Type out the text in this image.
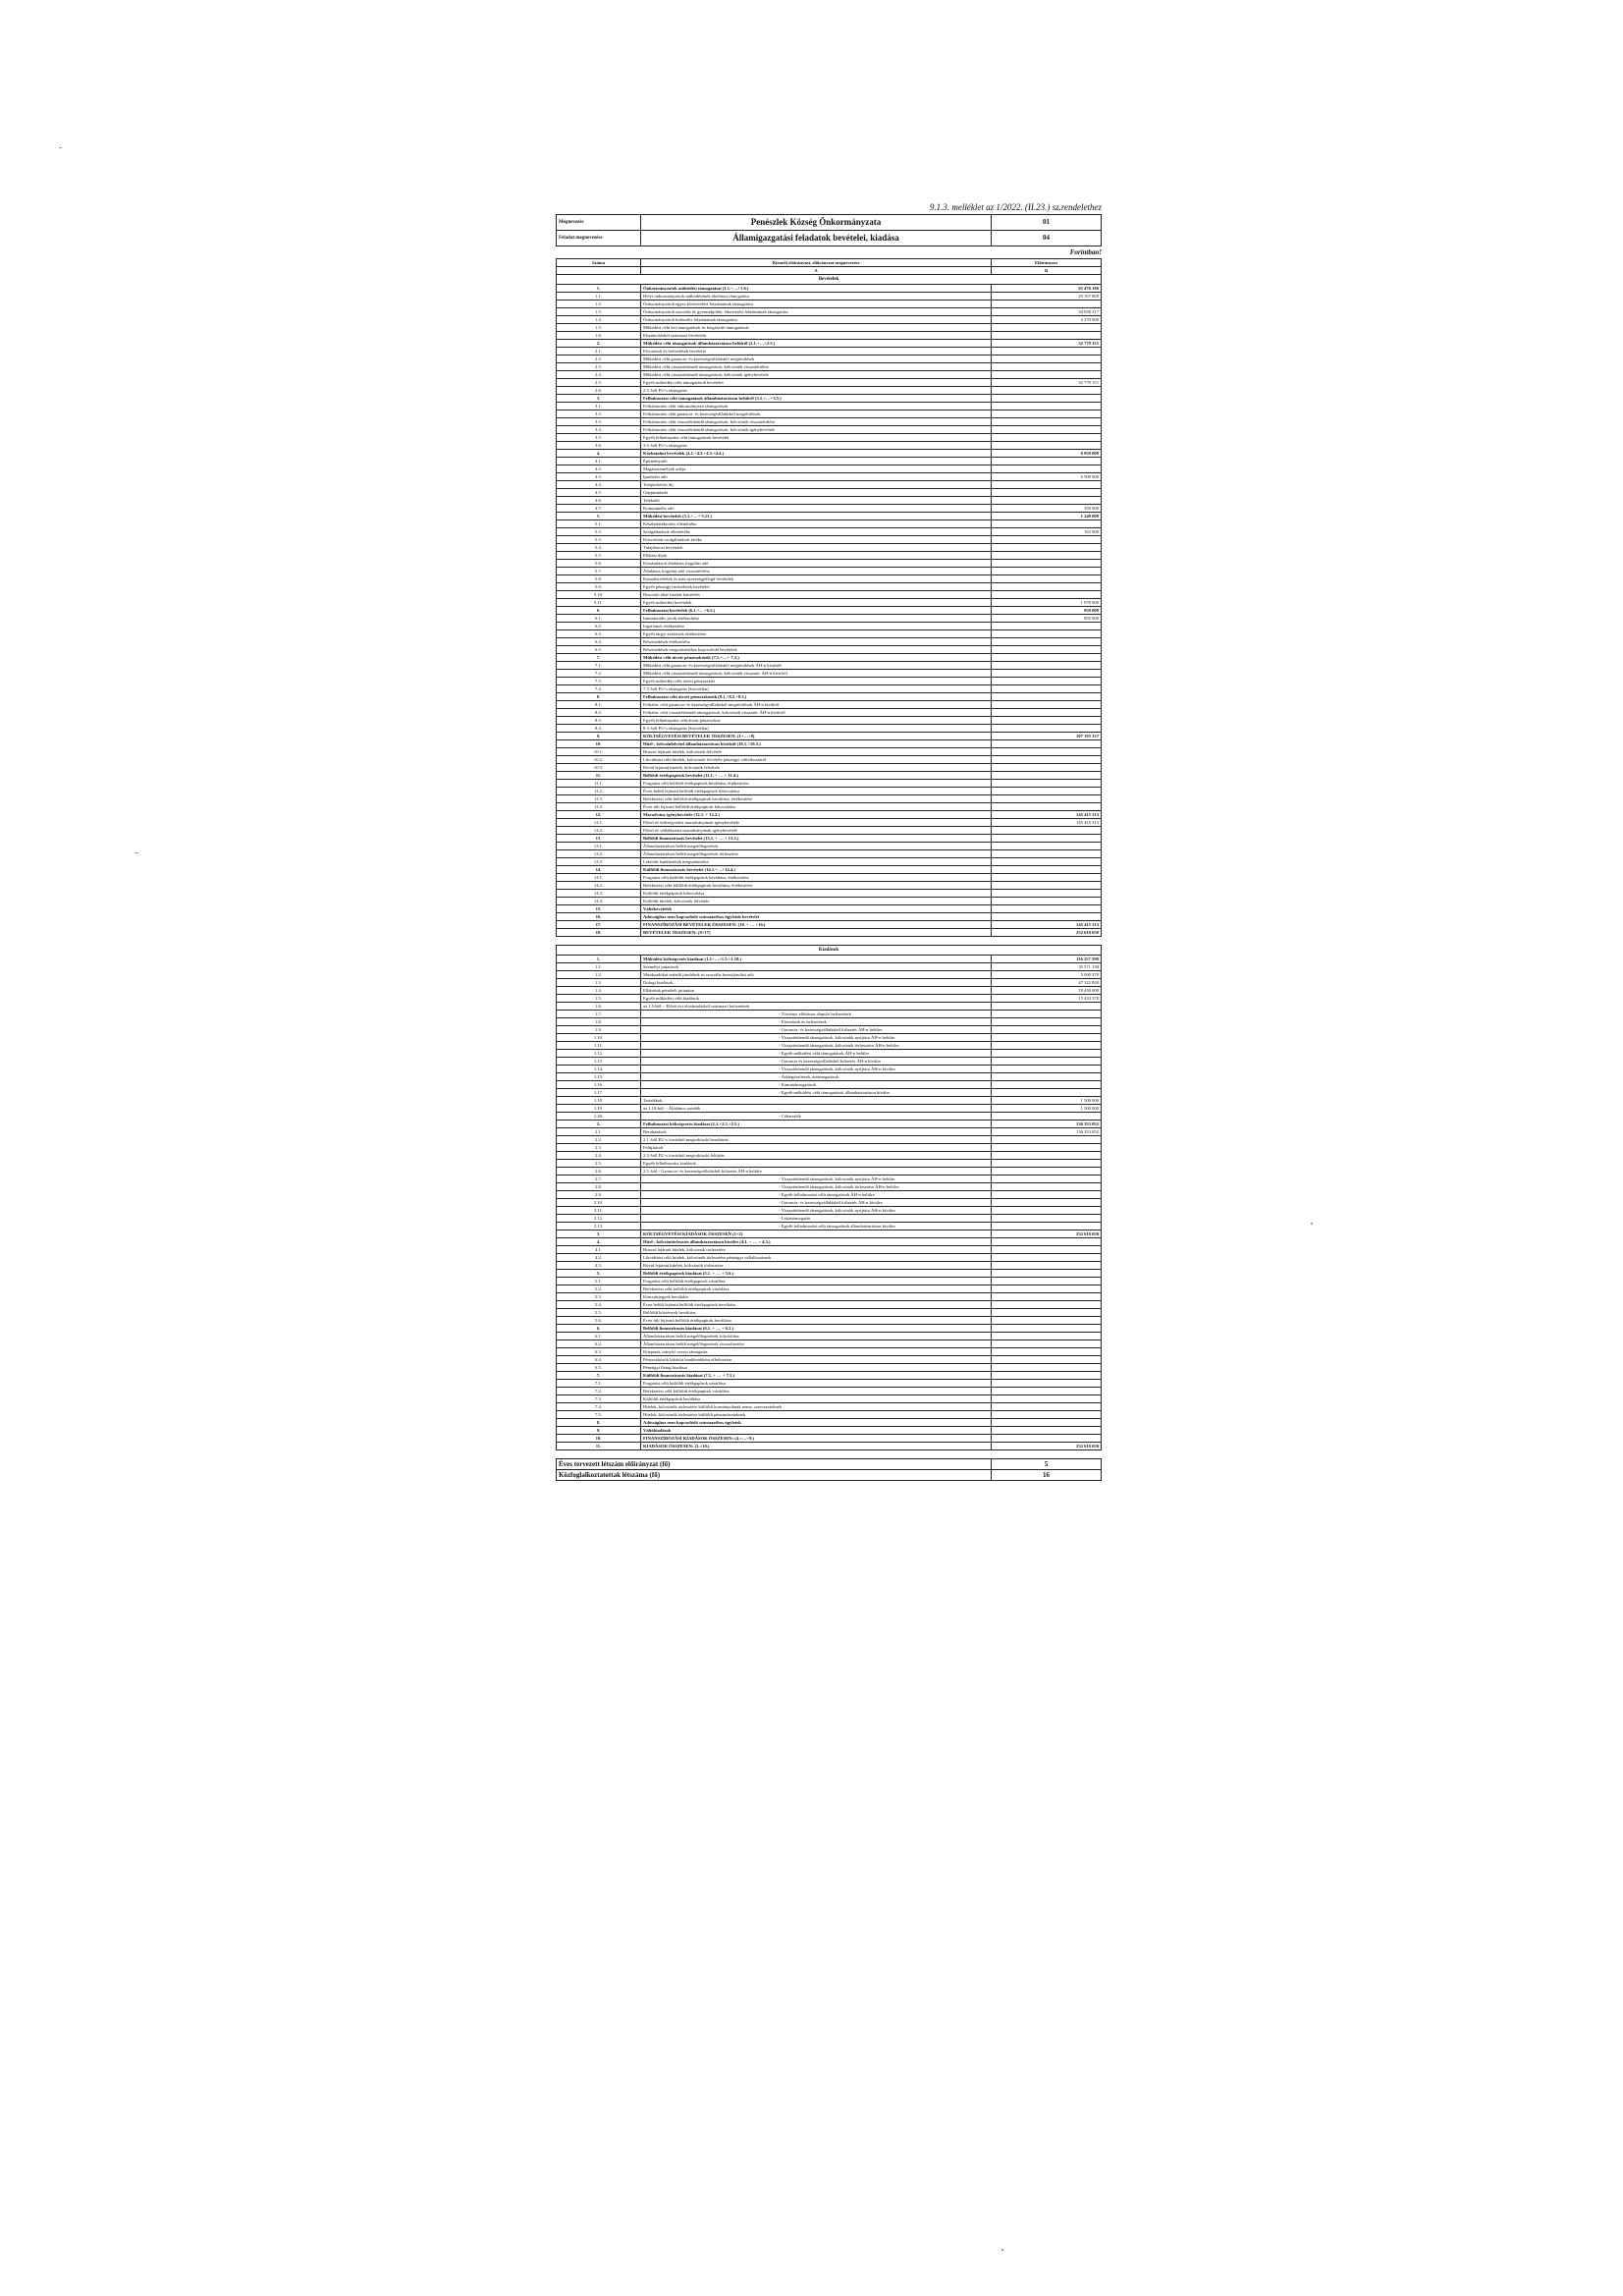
9.1.3. melléklet az 1/2022. (II.23.) sz.rendelethez
Megnevezés	Penészlek Község Önkormányzata	01
Feladat megnevezése	Államigazgatási feladatok bevételei, kiadása	04
Forintban!
Száma	Kiemelt előirányzat, előirányzat megnevezése	Előirányzat
	A	B
Bevételek		
1.	Önkormányzatok működési támogatásai (1.1.+…+1.6.)	65 476 186
1.1.	Helyi önkormányzatok működésének általános támogatása	29 167 869
1.2.	Önkormányzatok egyes köznevelési feladatainak támogatása	
1.3.	Önkormányzatok szociális és gyermekjóléti, étkeztetési feladatainak támogatása	34 038 317
1.4.	Önkormányzatok kulturális feladatainak támogatása	2 270 000
1.5.	Működési célú kvi támogatások és kiegészítő támogatások	
1.6.	Elszámolásból származó bevételek	
2.	Működési célú támogatások államháztartáson belülről (2.1.+…+2.5.)	32 779 151
2.1.	Elvonások és befizetések bevételei	
2.2.	Működési célú garancia- és kezességvállalásból megtérülések	
2.3.	Működési célú visszatérítendő támogatások, kölcsönök visszatérülése	
2.4.	Működési célú visszatérítendő támogatások, kölcsönök igénybevétele	
2.5.	Egyéb működési célú támogatások bevételei	32 779 151
2.6.	2.5.-ből EU-s támogatás	
3.	Felhalmozási célú támogatások államháztartáson belülről (3.1.+…+3.5.)	
3.1.	Felhalmozási célú önkormányzati támogatások	
3.2.	Felhalmozási célú garancia- és kezességvállalásból megtérülések	
3.3.	Felhalmozási célú visszatérítendő támogatások, kölcsönök visszatérülése	
3.4.	Felhalmozási célú visszatérítendő támogatások, kölcsönök igénybevétele	
3.5.	Egyéb felhalmozási célú támogatások bevételei	
3.6.	3.5.-ből EU-s támogatás	
4.	Közhatalmi bevételek (4.1.+4.2.+4.3.+4.4.)	6 850 000
4.1.	Építményadó	
4.2.	Magánszemélyek adója	
4.3.	Iparűzési adó	6 500 000
4.4.	Talajterhelési díj	
4.5.	Gépjárműadó	
4.6.	Telekadó	
4.7.	Kommunális adó	350 000
5.	Működési bevételek (5.1.+…+ 5.11.)	1 240 000
5.1.	Készletértékesítés ellenértéke	
5.2.	Szolgáltatások ellenértéke	162 000
5.3.	Közvetített szolgáltatások értéke	
5.4.	Tulajdonosi bevételek	
5.5.	Ellátási díjak	
5.6.	Kiszámlázott általános forgalmi adó	
5.7.	Általános forgalmi adó visszatérítése	
5.8.	Kamatbevételek és más nyereségjellegű bevételek	
5.9.	Egyéb pénzügyi műveletek bevételei	
5.10.	Biztosító által fizetett kártérítés	
5.11.	Egyéb működési bevételek	1 078 000
6.	Felhalmozási bevételek (6.1.+…+6.5.)	850 000
6.1.	Immateriális javak értékesítése	850 000
6.2.	Ingatlanok értékesítése	
6.3.	Egyéb tárgyi eszközök értékesítése	
6.4.	Részesedések értékesítése	
6.5.	Részesedések megszűnéséhez kapcsolódó bevételek	
7.	Működési célú átvett pénzeszközök (7.1.+…+ 7.3.)	
7.1.	Működési célú garancia- és kezességvállalásból megtérülések ÁH-n kívülről	
7.2.	Működési célú visszatérítendő támogatások, kölcsönök visszatér. ÁH-n kívülről	
7.3.	Egyéb működési célú átvett pénzeszköz	
7.4.	7.3.-ből EU-s támogatás (közvetlen)	
8.	Felhalmozási célú átvett pénzeszközök (8.1.+8.2.+8.3.)	
8.1.	Felhalm. célú garancia- és kezességvállalásból megtérülések ÁH-n kívülről	
8.2.	Felhalm. célú visszatérítendő támogatások, kölcsönök visszatér. ÁH-n kívülről	
8.3.	Egyéb felhalmozási célú átvett pénzeszköz	
8.4.	8.3.-ből EU-s támogatás (közvetlen)	
9.	KÖLTSÉGVETÉSI BEVÉTELEK ÖSSZESEN: (1+…+8)	107 195 337
10.	Hitel-, kölcsönfelvétel államháztartáson kívülről (10.1.+10.3.)	
10.1.	Hosszú lejáratú hitelek, kölcsönök felvétele	
10.2.	Likviditási célú hitelek, kölcsönök felvétele pénzügyi vállalkozástól	
10.3.	Rövid lejáratú hitelek, kölcsönök felvétele	
11.	Belföldi értékpapírok bevételei (11.1. + … + 11.4.)	
11.1.	Forgatási célú belföldi értékpapírok beváltása, értékesítése	
11.2.	Éven belüli lejáratú belföldi értékpapírok kibocsátása	
11.3.	Befektetési célú belföldi értékpapírok beváltása, értékesítése	
11.4.	Éven túli lejáratú belföldi értékpapírok kibocsátása	
12.	Maradvány igénybevétele (12.1. + 12.2.)	145 415 313
12.1.	Előző év költségvetési maradványának igénybevétele	145 415 313
12.2.	Előző év vállalkozási maradványának igénybevétele	
13.	Belföldi finanszírozás bevételei (13.1. + … + 13.3.)	
13.1.	Államháztartáson belüli megelőlegezések	
13.2.	Államháztartáson belüli megelőlegezések törlesztése	
13.3.	Lekötött bankbetétek megszüntetése	
14.	Külföldi finanszírozás bevételei (14.1.+…+14.4.)	
14.1.	Forgatási célú külföldi értékpapírok beváltása, értékesítése	
14.2.	Befektetési célú külföldi értékpapírok beváltása, értékesítése	
14.3.	Külföldi értékpapírok kibocsátása	
14.4.	Külföldi hitelek, kölcsönök felvétele	
15.	Váltóbevételek	
16.	Adóssághoz nem kapcsolódó származékos ügyletek bevételei	
17.	FINANSZÍROZÁSI BEVÉTELEK ÖSSZESEN: (10. + … +16.)	145 415 313
18.	BEVÉTELEK ÖSSZESEN: (9+17)	252 610 650
Kiadások		
1.	Működési költségvetés kiadásai (1.1+…+1.5.+1.18.)	116 257 598
1.1.	Személyi juttatások	35 571 130
1.2.	Munkaadókat terhelő járulékok és szociális hozzájárulási adó	5 090 270
1.3.	Dologi kiadások	47 322 820
1.4.	Ellátottak pénzbeli juttatásai	18 430 000
1.5.	Egyéb működési célú kiadások	15 433 378
1.6.	az 1.5-ből: - Előző évi elszámolásból származó befizetések	
1.7.	- Törvényi előíráson alapuló befizetések	
1.8.	- Elvonások és befizetések	
1.9.	- Garancia- és kezességvállalásból kifizetés ÁH-n belülre	
1.10.	- Visszatérítendő támogatások, kölcsönök nyújtása ÁH-n belülre	
1.11.	- Visszatérítendő támogatások, kölcsönök törlesztése ÁH-n belülre	
1.12.	- Egyéb működési célú támogatások ÁH-n belülre	
1.13.	- Garancia és kezességvállalásból kifizetés ÁH-n kívülre	
1.14.	- Visszatérítendő támogatások, kölcsönök nyújtása ÁH-n kívülre	
1.15.	- Árkiegészítések, ártámogatások	
1.16.	- Kamattámogatások	
1.17.	- Egyéb működési célú támogatások államháztartáson kívülre	
1.18.	Tartalékok	1 500 000
1.19.	az 1.18-ból: - Általános tartalék	1 500 000
1.20.	- Céltartalék	
2.	Felhalmozási költségvetés kiadásai (2.1.+2.3.+2.5.)	136 353 052
2.1.	Beruházások	136 353 052
2.2.	2.1.-ből EU-s forrásból megvalósuló beruházás	
2.3.	Felújítások	
2.4.	2.3.-ből EU-s forrásból megvalósuló felújítás	
2.5.	Egyéb felhalmozási kiadások	
2.6.	2.5.-ből - Garancia- és kezességvállalásból kifizetés ÁH-n belülre	
2.7.	- Visszatérítendő támogatások, kölcsönök nyújtása ÁH-n belülre	
2.8.	- Visszatérítendő támogatások, kölcsönök törlesztése ÁH-n belülre	
2.9.	- Egyéb felhalmozási célú támogatások ÁH-n belülre	
2.10.	- Garancia- és kezességvállalásból kifizetés ÁH-n kívülre	
2.11.	- Visszatérítendő támogatások, kölcsönök nyújtása ÁH-n kívülre	
2.12.	- Lakástámogatás	
2.13.	- Egyéb felhalmozási célú támogatások államháztartáson kívülre	
3.	KÖLTSÉGVETÉSI KIADÁSOK ÖSSZESEN (1+2)	252 610 650
4.	Hitel-, kölcsöntörlesztés államháztartáson kívülre (4.1. + … + 4.3.)	
4.1.	Hosszú lejáratú hitelek, kölcsönök törlesztése	
4.2.	Likviditási célú hitelek, kölcsönök törlesztése pénzügyi vállalkozásnak	
4.3.	Rövid lejáratú hitelek, kölcsönök törlesztése	
5.	Belföldi értékpapírok kiadásai (5.1. + … + 5.6.)	
5.1.	Forgatási célú belföldi értékpapírok vásárlása	
5.2.	Befektetési célú belföldi értékpapírok vásárlása	
5.3.	Kincstárjegyek beváltása	
5.4.	Éven belüli lejáratú belföldi értékpapírok beváltása	
5.5.	Belföldi kötvények beváltása	
5.6.	Éven túli lejáratú belföldi értékpapírok beváltása	
6.	Belföldi finanszírozás kiadásai (6.1. + … + 6.5.)	
6.1.	Államháztartáson belüli megelőlegezések folyósítása	
6.2.	Államháztartáson belüli megelőlegezések visszafizetése	
6.3.	Központi, irányító szervi támogatás	
6.4.	Pénzeszközök lekötött bankbetétként elhelyezése	
6.5.	Pénzügyi lízing kiadásai	
7.	Külföldi finanszírozás kiadásai (7.1. + … + 7.5.)	
7.1.	Forgatási célú külföldi értékpapírok vásárlása	
7.2.	Befektetési célú külföldi értékpapírok vásárlása	
7.3.	Külföldi értékpapírok beváltása	
7.4.	Hitelek, kölcsönök törlesztése külföldi kormányoknak nemz. szervezeteknek	
7.5.	Hitelek, kölcsönök törlesztése külföldi pénzintézeteknek	
8.	Adóssághoz nem kapcsolódó származékos ügyletek	
9.	Váltókiadások	
10.	FINANSZÍROZÁSI KIADÁSOK ÖSSZESEN: (4.+…+9.)	
11.	KIADÁSOK ÖSSZESEN: (3.+10.)	252 610 650
Éves tervezett létszám előirányzat (fő)	5
Közfoglalkoztatottak létszáma (fő)	16
